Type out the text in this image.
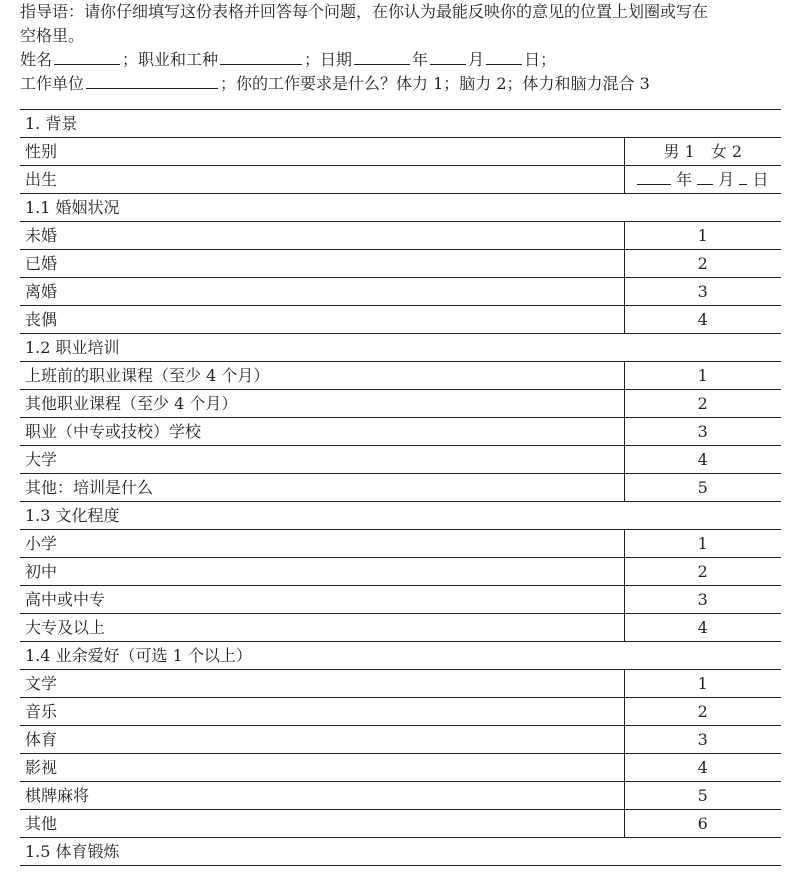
指导语：请你仔细填写这份表格并回答每个问题，在你认为最能反映你的意见的位置上划圈或写在
空格里。
姓名	；职业和工种	；日期	年	月	日；
工作单位	；你的工作要求是什么？体力 1；脑力 2；体力和脑力混合 3
1. 背景	
性别	男 1　女 2
出生	年 月 日
1.1 婚姻状况	
未婚	1
已婚	2
离婚	3
丧偶	4
1.2 职业培训	
上班前的职业课程（至少 4 个月）	1
其他职业课程（至少 4 个月）	2
职业（中专或技校）学校	3
大学	4
其他：培训是什么	5
1.3 文化程度	
小学	1
初中	2
高中或中专	3
大专及以上	4
1.4 业余爱好（可选 1 个以上）	
文学	1
音乐	2
体育	3
影视	4
棋牌麻将	5
其他	6
1.5 体育锻炼	
